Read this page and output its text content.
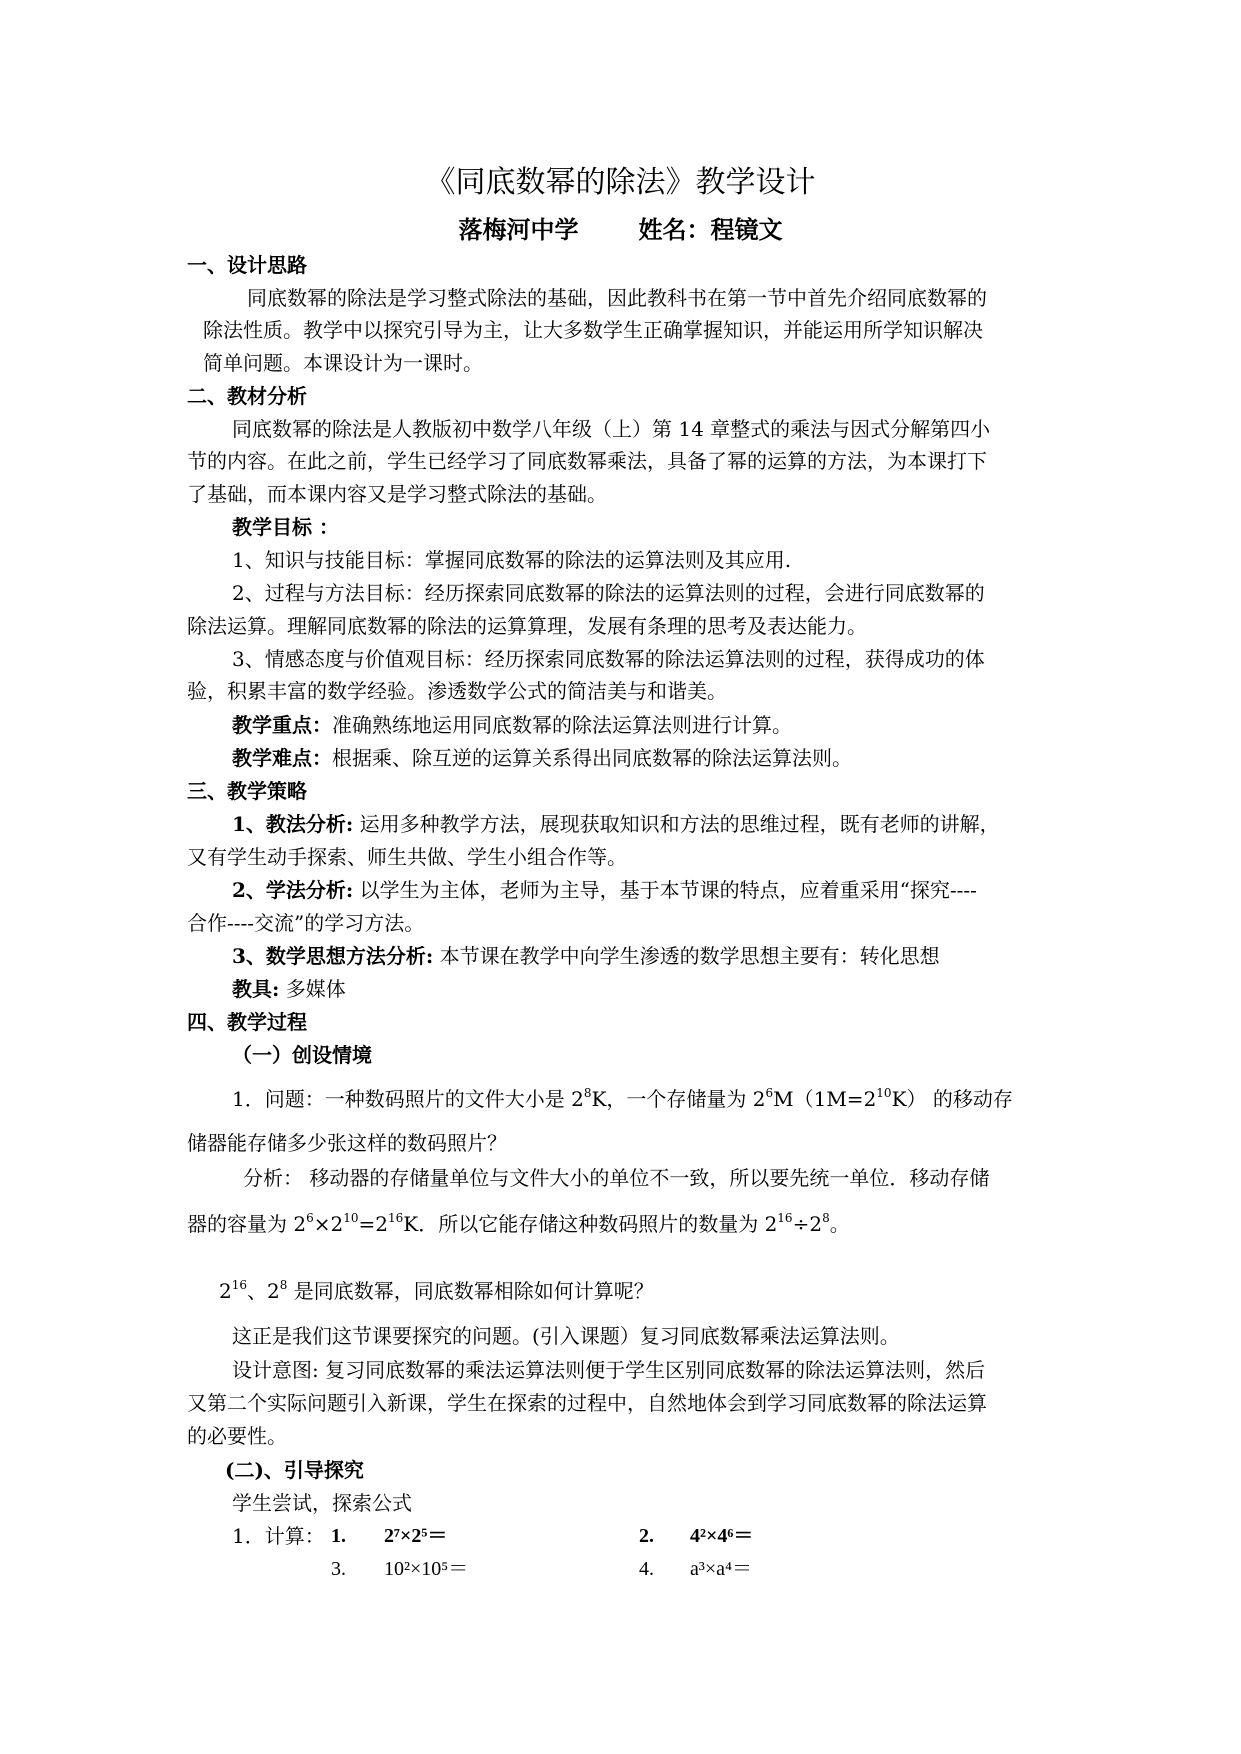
《同底数幂的除法》教学设计
落梅河中学	姓名：程镜文

一、设计思路

同底数幂的除法是学习整式除法的基础，因此教科书在第一节中首先介绍同底数幂的

除法性质。教学中以探究引导为主，让大多数学生正确掌握知识，并能运用所学知识解决

简单问题。本课设计为一课时。

二、教材分析

同底数幂的除法是人教版初中数学八年级（上）第 14 章整式的乘法与因式分解第四小

节的内容。在此之前，学生已经学习了同底数幂乘法，具备了幂的运算的方法，为本课打下

了基础，而本课内容又是学习整式除法的基础。

教学目标 ：

1、知识与技能目标：掌握同底数幂的除法的运算法则及其应用.

2、过程与方法目标：经历探索同底数幂的除法的运算法则的过程，会进行同底数幂的

除法运算。理解同底数幂的除法的运算算理，发展有条理的思考及表达能力。

3、情感态度与价值观目标：经历探索同底数幂的除法运算法则的过程，获得成功的体

验，积累丰富的数学经验。渗透数学公式的简洁美与和谐美。

教学重点：准确熟练地运用同底数幂的除法运算法则进行计算。

教学难点：根据乘、除互逆的运算关系得出同底数幂的除法运算法则。

三、教学策略

1、教法分析: 运用多种教学方法，展现获取知识和方法的思维过程，既有老师的讲解，

又有学生动手探索、师生共做、学生小组合作等。

2、学法分析: 以学生为主体，老师为主导，基于本节课的特点，应着重采用“探究----

合作----交流”的学习方法。

3、数学思想方法分析: 本节课在教学中向学生渗透的数学思想主要有：转化思想

教具: 多媒体

四、教学过程

（一）创设情境

1．问题：一种数码照片的文件大小是 $2^8K$，一个存储量为 $2^6M(1M=2^{10}K)$ 的移动存

储器能存储多少张这样的数码照片？

分析： 移动器的存储量单位与文件大小的单位不一致，所以要先统一单位．移动存储

器的容量为 $2^6\times 2^{10}=2^{16}K$．所以它能存储这种数码照片的数量为 $2^{16}\div 2^8$。

$2^{16}$、$2^8$ 是同底数幂，同底数幂相除如何计算呢？

这正是我们这节课要探究的问题。(引入课题）复习同底数幂乘法运算法则。

设计意图: 复习同底数幂的乘法运算法则便于学生区别同底数幂的除法运算法则，然后

又第二个实际问题引入新课，学生在探索的过程中，自然地体会到学习同底数幂的除法运算

的必要性。

(二)、引导探究

学生尝试，探索公式

1．计算： 1.	2⁷×2⁵＝	2.	4²×4⁶＝

3.	10²×10⁵＝	4.	a³×a⁴＝
